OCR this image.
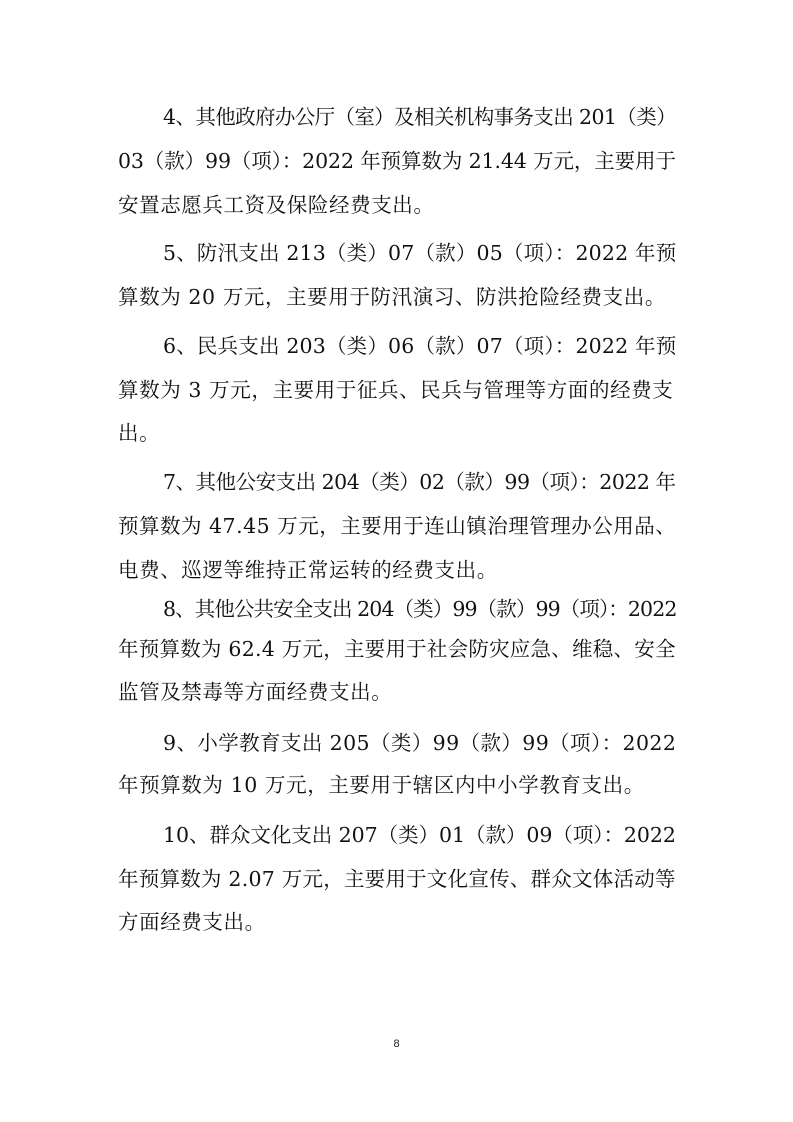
4、其他政府办公厅（室）及相关机构事务支出 201（类）
03（款）99（项）：2022 年预算数为 21.44 万元，主要用于
安置志愿兵工资及保险经费支出。
5、防汛支出 213（类）07（款）05（项）：2022 年预
算数为 20 万元，主要用于防汛演习、防洪抢险经费支出。
6、民兵支出 203（类）06（款）07（项）：2022 年预
算数为 3 万元，主要用于征兵、民兵与管理等方面的经费支
出。
7、其他公安支出 204（类）02（款）99（项）：2022 年
预算数为 47.45 万元，主要用于连山镇治理管理办公用品、
电费、巡逻等维持正常运转的经费支出。
8、其他公共安全支出 204（类）99（款）99（项）：2022
年预算数为 62.4 万元，主要用于社会防灾应急、维稳、安全
监管及禁毒等方面经费支出。
9、小学教育支出 205（类）99（款）99（项）：2022
年预算数为 10 万元，主要用于辖区内中小学教育支出。
10、群众文化支出 207（类）01（款）09（项）：2022
年预算数为 2.07 万元，主要用于文化宣传、群众文体活动等
方面经费支出。
8
